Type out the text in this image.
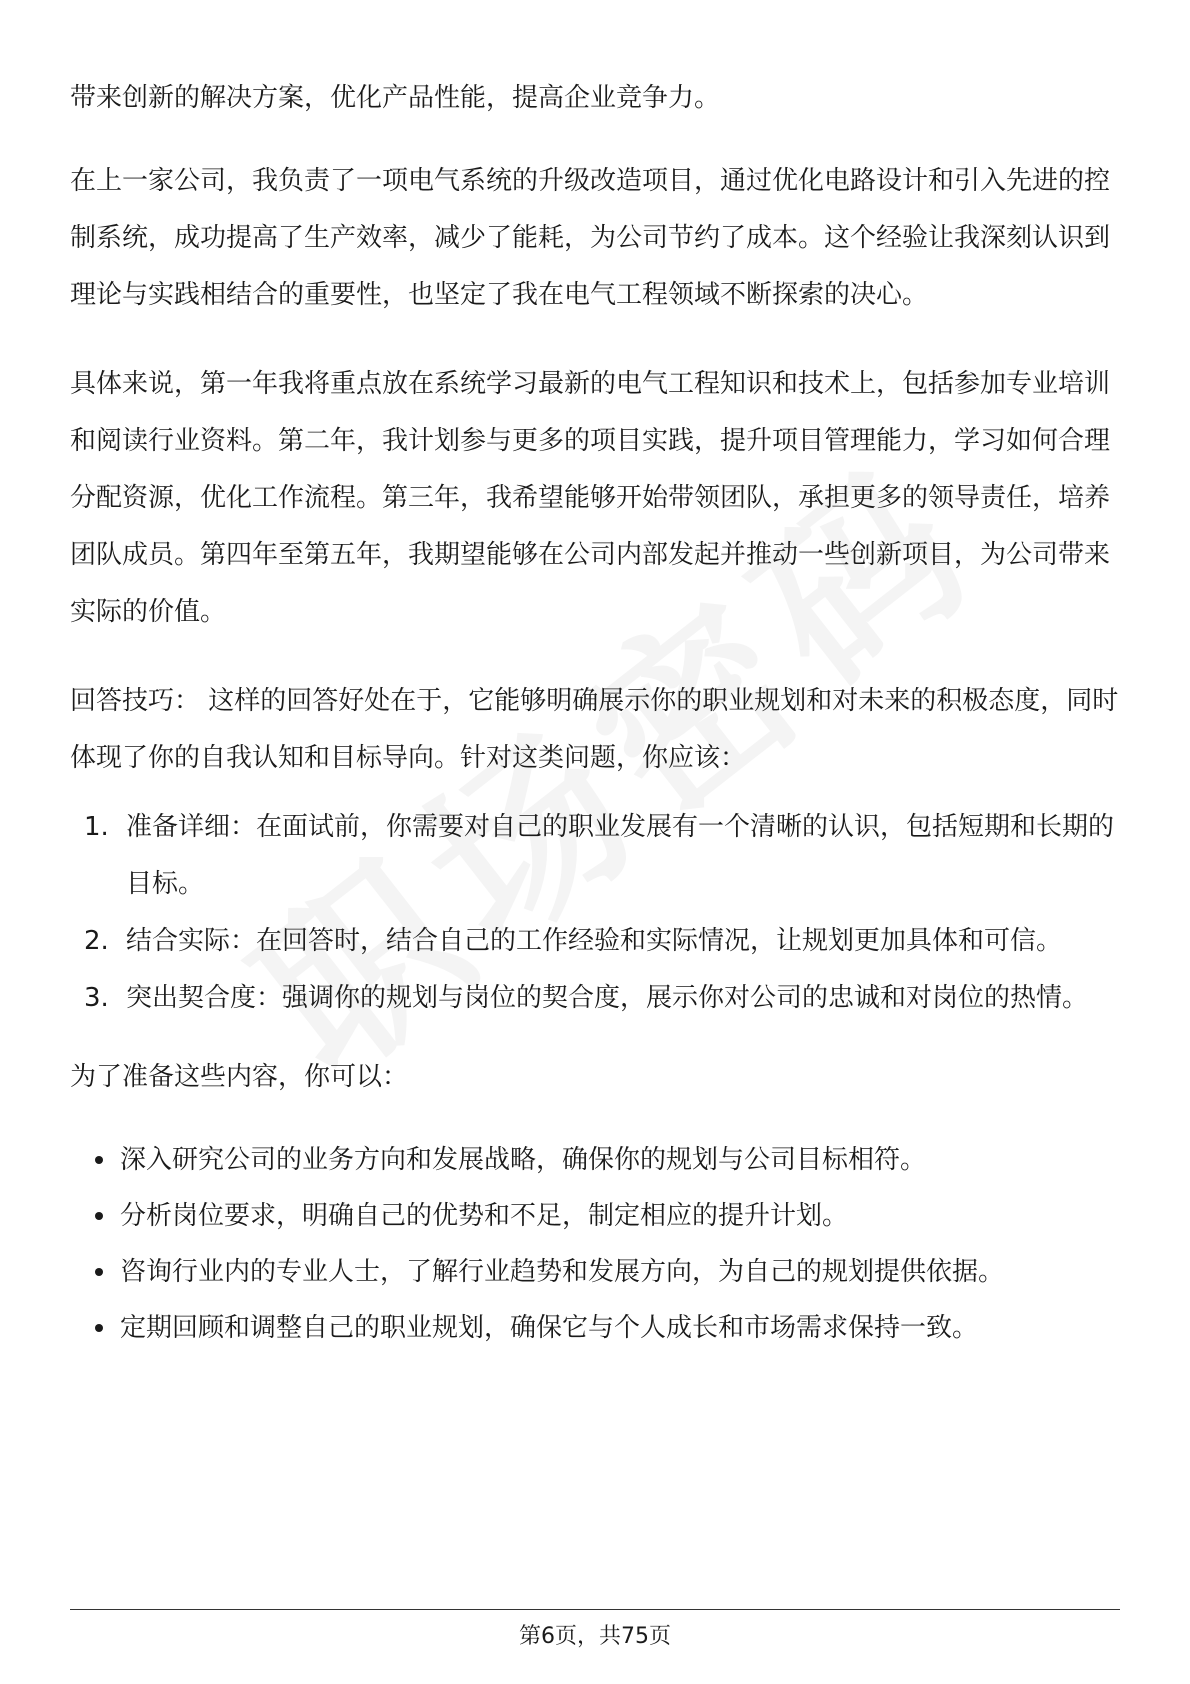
带来创新的解决方案，优化产品性能，提高企业竞争力。

在上一家公司，我负责了一项电气系统的升级改造项目，通过优化电路设计和引入先进的控制系统，成功提高了生产效率，减少了能耗，为公司节约了成本。这个经验让我深刻认识到理论与实践相结合的重要性，也坚定了我在电气工程领域不断探索的决心。

具体来说，第一年我将重点放在系统学习最新的电气工程知识和技术上，包括参加专业培训和阅读行业资料。第二年，我计划参与更多的项目实践，提升项目管理能力，学习如何合理分配资源，优化工作流程。第三年，我希望能够开始带领团队，承担更多的领导责任，培养团队成员。第四年至第五年，我期望能够在公司内部发起并推动一些创新项目，为公司带来实际的价值。

回答技巧： 这样的回答好处在于，它能够明确展示你的职业规划和对未来的积极态度，同时体现了你的自我认知和目标导向。针对这类问题，你应该：

1. 准备详细：在面试前，你需要对自己的职业发展有一个清晰的认识，包括短期和长期的目标。
2. 结合实际：在回答时，结合自己的工作经验和实际情况，让规划更加具体和可信。
3. 突出契合度：强调你的规划与岗位的契合度，展示你对公司的忠诚和对岗位的热情。

为了准备这些内容，你可以：

深入研究公司的业务方向和发展战略，确保你的规划与公司目标相符。
分析岗位要求，明确自己的优势和不足，制定相应的提升计划。
咨询行业内的专业人士，了解行业趋势和发展方向，为自己的规划提供依据。
定期回顾和调整自己的职业规划，确保它与个人成长和市场需求保持一致。
第6页，共75页
